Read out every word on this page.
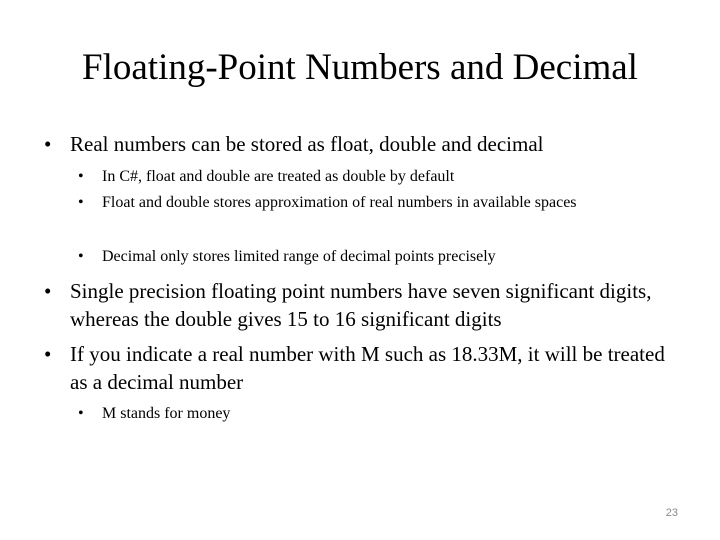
Floating-Point Numbers and Decimal
• Real numbers can be stored as float, double and decimal
•	In C#, float and double are treated as double by default
•	Float and double stores approximation of real numbers in available spaces
•	Decimal only stores limited range of decimal points precisely
• Single precision floating point numbers have seven significant digits, whereas the double gives 15 to 16 significant digits
• If you indicate a real number with M such as 18.33M, it will be treated as a decimal number
•	M stands for money
23
